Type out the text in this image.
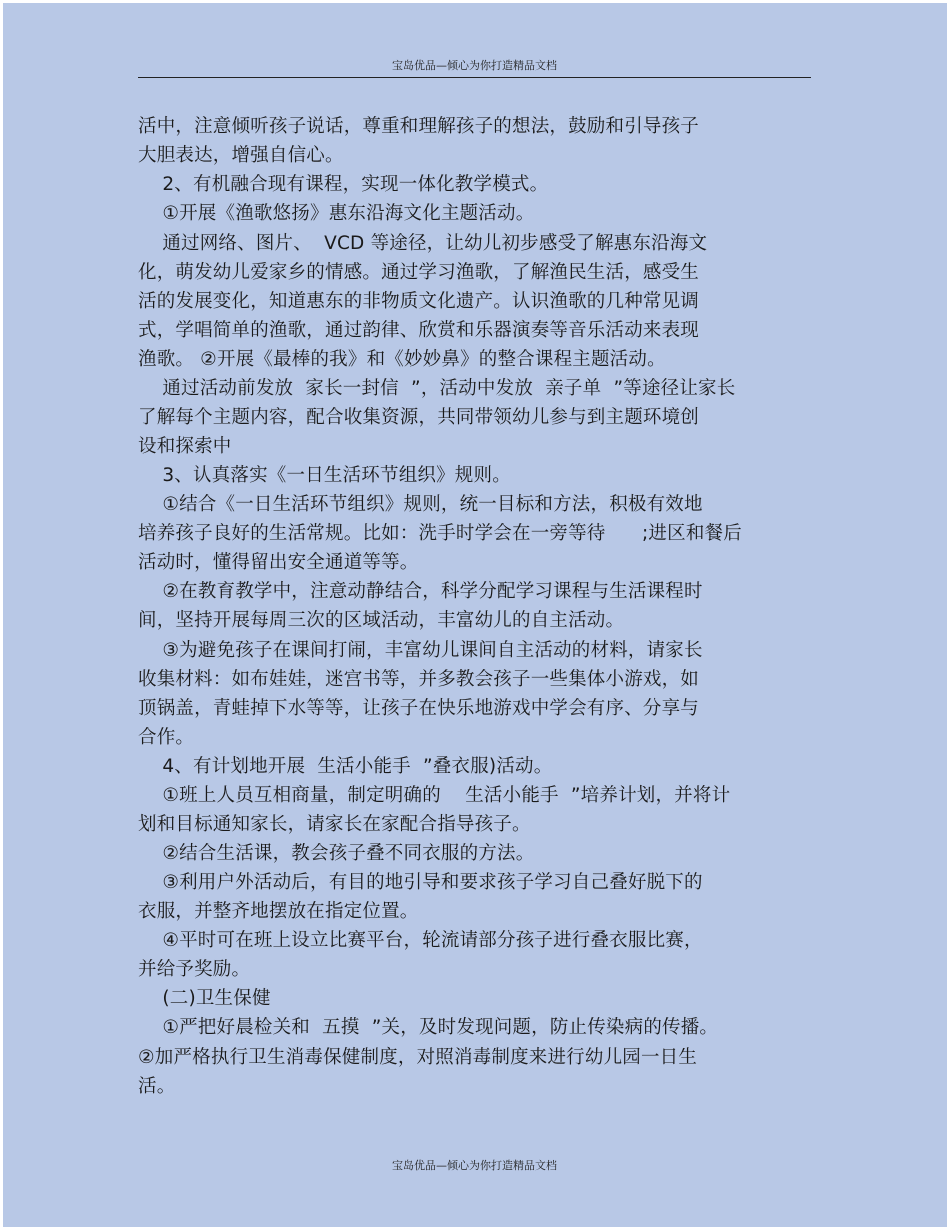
宝岛优品—倾心为你打造精品文档
活中，注意倾听孩子说话，尊重和理解孩子的想法，鼓励和引导孩子
大胆表达，增强自信心。
2、有机融合现有课程，实现一体化教学模式。
①开展《渔歌悠扬》惠东沿海文化主题活动。
通过网络、图片、  VCD 等途径，让幼儿初步感受了解惠东沿海文
化，萌发幼儿爱家乡的情感。通过学习渔歌，了解渔民生活，感受生
活的发展变化，知道惠东的非物质文化遗产。认识渔歌的几种常见调
式，学唱简单的渔歌，通过韵律、欣赏和乐器演奏等音乐活动来表现
渔歌。 ②开展《最棒的我》和《妙妙鼻》的整合课程主题活动。
通过活动前发放  家长一封信  ”，活动中发放  亲子单  ”等途径让家长
了解每个主题内容，配合收集资源，共同带领幼儿参与到主题环境创
设和探索中
3、认真落实《一日生活环节组织》规则。
①结合《一日生活环节组织》规则，统一目标和方法，积极有效地
培养孩子良好的生活常规。比如：洗手时学会在一旁等待      ;进区和餐后
活动时，懂得留出安全通道等等。
②在教育教学中，注意动静结合，科学分配学习课程与生活课程时
间，坚持开展每周三次的区域活动，丰富幼儿的自主活动。
③为避免孩子在课间打闹，丰富幼儿课间自主活动的材料，请家长
收集材料：如布娃娃，迷宫书等，并多教会孩子一些集体小游戏，如
顶锅盖，青蛙掉下水等等，让孩子在快乐地游戏中学会有序、分享与
合作。
4、有计划地开展  生活小能手  ”叠衣服)活动。
①班上人员互相商量，制定明确的    生活小能手  ”培养计划，并将计
划和目标通知家长，请家长在家配合指导孩子。
②结合生活课，教会孩子叠不同衣服的方法。
③利用户外活动后，有目的地引导和要求孩子学习自己叠好脱下的
衣服，并整齐地摆放在指定位置。
④平时可在班上设立比赛平台，轮流请部分孩子进行叠衣服比赛，
并给予奖励。
(二)卫生保健
①严把好晨检关和  五摸  ”关，及时发现问题，防止传染病的传播。
②加严格执行卫生消毒保健制度，对照消毒制度来进行幼儿园一日生
活。
宝岛优品—倾心为你打造精品文档
